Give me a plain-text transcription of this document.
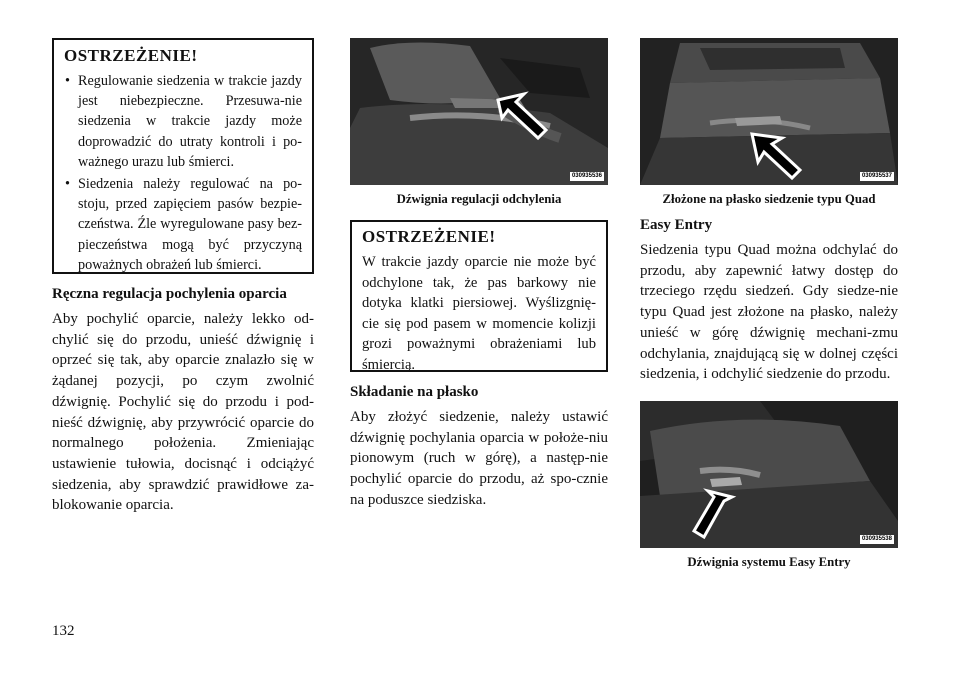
OSTRZEŻENIE!
• Regulowanie siedzenia w trakcie jazdy jest niebezpieczne. Przesuwa-nie siedzenia w trakcie jazdy może doprowadzić do utraty kontroli i po-ważnego urazu lub śmierci.
• Siedzenia należy regulować na po-stoju, przed zapięciem pasów bezpie-czeństwa. Źle wyregulowane pasy bez-pieczeństwa mogą być przyczyną poważnych obrażeń lub śmierci.
Ręczna regulacja pochylenia oparcia

Aby pochylić oparcie, należy lekko od-chylić się do przodu, unieść dźwignię i oprzeć się tak, aby oparcie znalazło się w żądanej pozycji, po czym zwolnić dźwignię. Pochylić się do przodu i pod-nieść dźwignię, aby przywrócić oparcie do normalnego położenia. Zmieniając ustawienie tułowia, docisnąć i odciążyć siedzenia, aby sprawdzić prawidłowe za-blokowanie oparcia.

030935536
Dźwignia regulacji odchylenia
OSTRZEŻENIE!

W trakcie jazdy oparcie nie może być odchylone tak, że pas barkowy nie dotyka klatki piersiowej. Wyślizgnię-cie się pod pasem w momencie kolizji grozi poważnymi obrażeniami lub śmiercią.

Składanie na płasko

Aby złożyć siedzenie, należy ustawić dźwignię pochylania oparcia w położe-niu pionowym (ruch w górę), a następ-nie pochylić oparcie do przodu, aż spo-cznie na poduszce siedziska.

030935537
Złożone na płasko siedzenie typu Quad
Easy Entry

Siedzenia typu Quad można odchylać do przodu, aby zapewnić łatwy dostęp do trzeciego rzędu siedzeń. Gdy siedze-nie typu Quad jest złożone na płasko, należy unieść w górę dźwignię mechani-zmu odchylania, znajdującą się w dolnej części siedzenia, i odchylić siedzenie do przodu.

030935538
Dźwignia systemu Easy Entry
132
